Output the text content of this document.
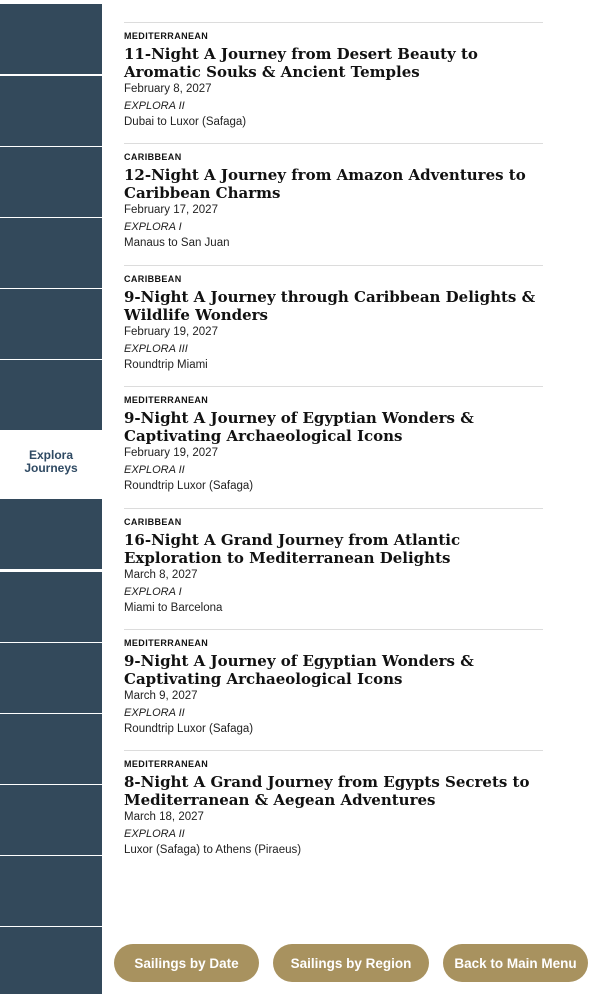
Explora
Journeys
MEDITERRANEAN
11-Night A Journey from Desert Beauty to Aromatic Souks & Ancient Temples
February 8, 2027
EXPLORA II
Dubai to Luxor (Safaga)
CARIBBEAN
12-Night A Journey from Amazon Adventures to Caribbean Charms
February 17, 2027
EXPLORA I
Manaus to San Juan
CARIBBEAN
9-Night A Journey through Caribbean Delights & Wildlife Wonders
February 19, 2027
EXPLORA III
Roundtrip Miami
MEDITERRANEAN
9-Night A Journey of Egyptian Wonders & Captivating Archaeological Icons
February 19, 2027
EXPLORA II
Roundtrip Luxor (Safaga)
CARIBBEAN
16-Night A Grand Journey from Atlantic Exploration to Mediterranean Delights
March 8, 2027
EXPLORA I
Miami to Barcelona
MEDITERRANEAN
9-Night A Journey of Egyptian Wonders & Captivating Archaeological Icons
March 9, 2027
EXPLORA II
Roundtrip Luxor (Safaga)
MEDITERRANEAN
8-Night A Grand Journey from Egypts Secrets to Mediterranean & Aegean Adventures
March 18, 2027
EXPLORA II
Luxor (Safaga) to Athens (Piraeus)
Sailings by Date	Sailings by Region	Back to Main Menu
